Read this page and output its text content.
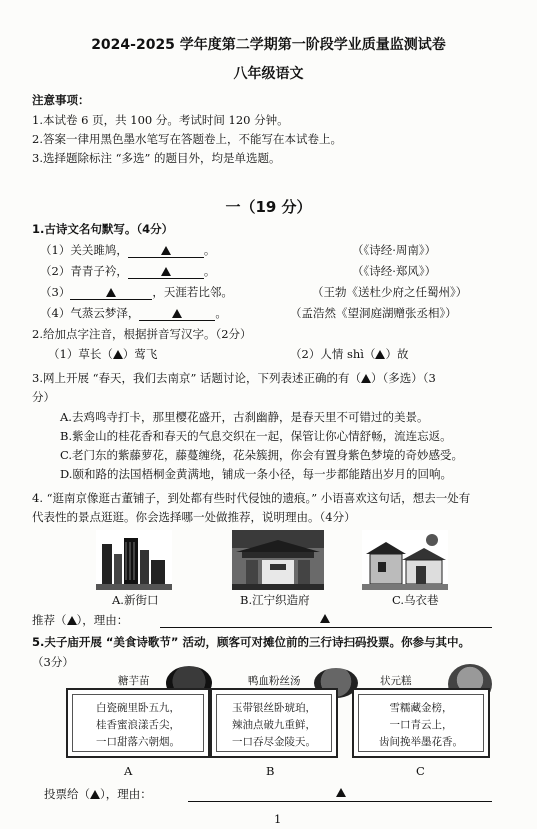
2024-2025 学年度第二学期第一阶段学业质量监测试卷
八年级语文
注意事项：
1.本试卷 6 页，共 100 分。考试时间 120 分钟。
2.答案一律用黑色墨水笔写在答题卷上，不能写在本试卷上。
3.选择题除标注 “多选” 的题目外，均是单选题。
一（19 分）
1.古诗文名句默写。（4分）
（1）关关雎鸠，	。	（《诗经·周南》）
（2）青青子衿，	。	（《诗经·郑风》）
（3）	，天涯若比邻。	（王勃《送杜少府之任蜀州》）
（4）气蒸云梦泽，	。	（孟浩然《望洞庭湖赠张丞相》）
2.给加点字注音，根据拼音写汉字。（2分）
（1）草长（ ）莺飞	（2）人情 shì（ ）故
3.网上开展 “春天，我们去南京” 话题讨论，下列表述正确的有（ ）（多选）（3
分）
A.去鸡鸣寺打卡，那里樱花盛开，古刹幽静，是春天里不可错过的美景。
B.紫金山的桂花香和春天的气息交织在一起，保管让你心情舒畅，流连忘返。
C.老门东的紫藤萝花，藤蔓缠绕，花朵簇拥，你会有置身紫色梦境的奇妙感受。
D.颐和路的法国梧桐金黄满地，铺成一条小径，每一步都能踏出岁月的回响。
4. “逛南京像逛古董铺子，到处都有些时代侵蚀的遗痕。” 小语喜欢这句话，想去一处有
代表性的景点逛逛。你会选择哪一处做推荐，说明理由。（4分）
A.新街口	B.江宁织造府	C.乌衣巷
推荐（ ），理由：
5.夫子庙开展 “美食诗歌节” 活动，顾客可对摊位前的三行诗扫码投票。你参与其中。
（3分）
糖芋苗
白瓷碗里卧五九，
桂香蜜浪漾舌尖，
一口甜落六朝烟。
A
鸭血粉丝汤
玉带银丝卧琥珀，
辣油点破九重鲜，
一口吞尽金陵天。
B
状元糕
雪糯藏金榜，
一口青云上，
齿间挽举墨花香。
C
投票给（ ），理由：
1
